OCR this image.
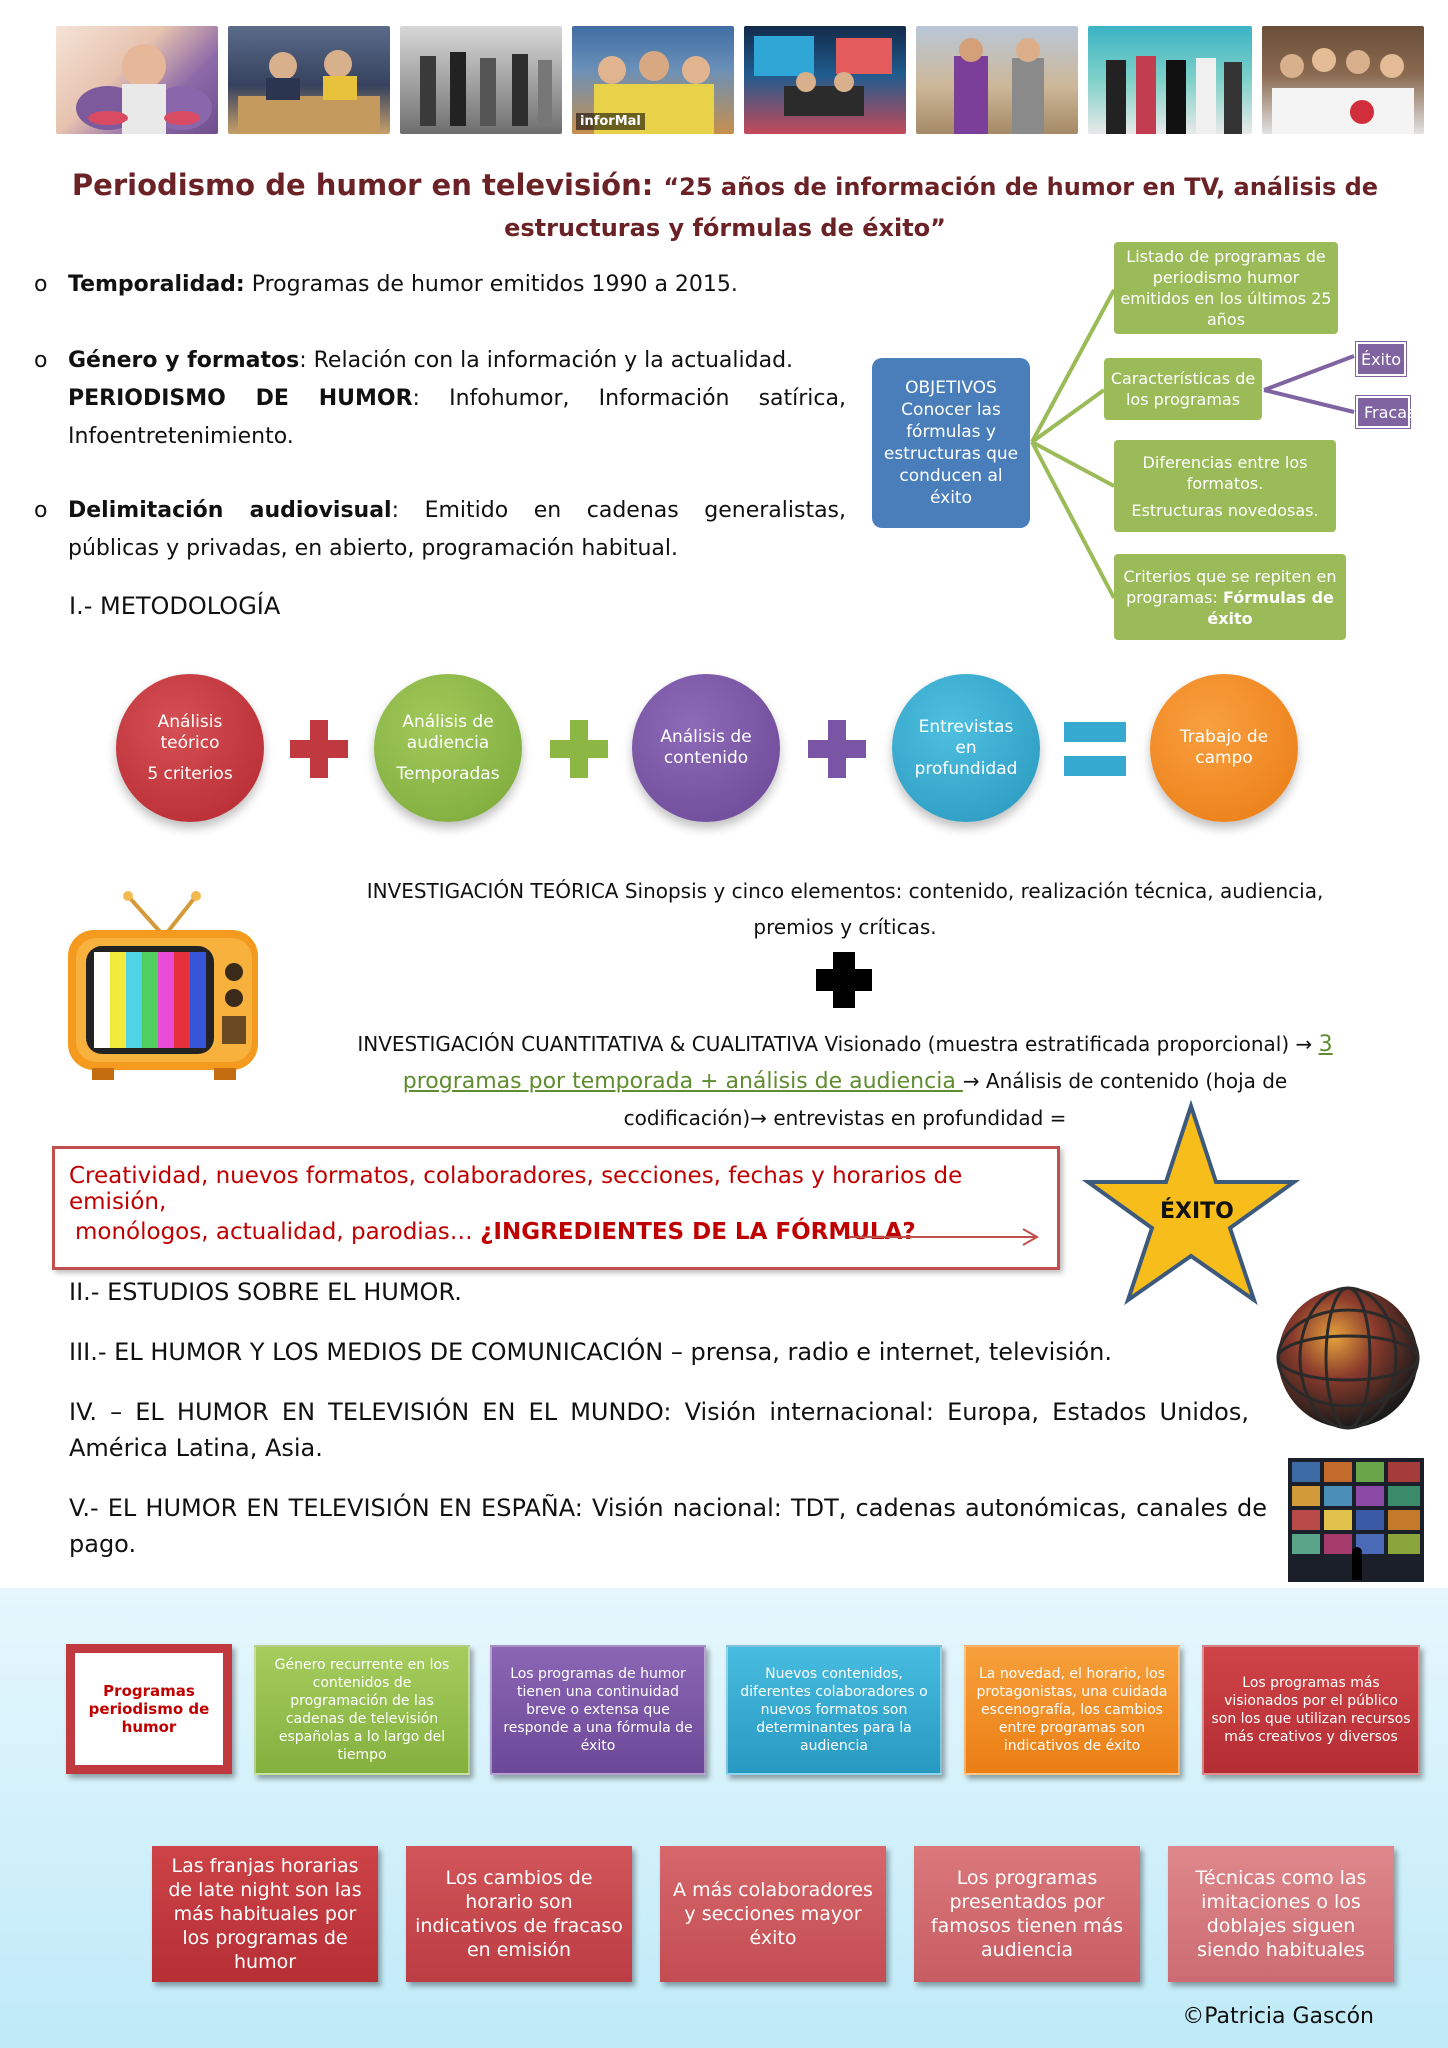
inforMal
Periodismo de humor en televisión: “25 años de información de humor en TV, análisis de estructuras y fórmulas de éxito”
o Temporalidad: Programas de humor emitidos 1990 a 2015.
o Género y formatos: Relación con la información y la actualidad.
PERIODISMO DE HUMOR: Infohumor, Información satírica, Infoentretenimiento.
o Delimitación audiovisual: Emitido en cadenas generalistas, públicas y privadas, en abierto, programación habitual.
I.- METODOLOGÍA
OBJETIVOS Conocer las fórmulas y estructuras que conducen al éxito
Listado de programas de periodismo humor emitidos en los últimos 25 años
Características de los programas
Éxito
Fracas
Diferencias entre los formatos.
Estructuras novedosas.
Criterios que se repiten en programas: Fórmulas de éxito
Análisis teórico
5 criterios
Análisis de audiencia
Temporadas
Análisis de contenido
Entrevistas en profundidad
Trabajo de campo
INVESTIGACIÓN TEÓRICA Sinopsis y cinco elementos: contenido, realización técnica, audiencia, premios y críticas.
INVESTIGACIÓN CUANTITATIVA & CUALITATIVA Visionado (muestra estratificada proporcional) → 3
programas por temporada + análisis de audiencia → Análisis de contenido (hoja de
codificación)→ entrevistas en profundidad =
Creatividad, nuevos formatos, colaboradores, secciones, fechas y horarios de emisión,
monólogos, actualidad, parodias… ¿INGREDIENTES DE LA FÓRMULA?
ÉXITO
II.- ESTUDIOS SOBRE EL HUMOR.
III.- EL HUMOR Y LOS MEDIOS DE COMUNICACIÓN – prensa, radio e internet, televisión.
IV. – EL HUMOR EN TELEVISIÓN EN EL MUNDO: Visión internacional: Europa, Estados Unidos, América Latina, Asia.
V.- EL HUMOR EN TELEVISIÓN EN ESPAÑA: Visión nacional: TDT, cadenas autonómicas, canales de pago.
Programas periodismo de humor
Género recurrente en los contenidos de programación de las cadenas de televisión españolas a lo largo del tiempo
Los programas de humor tienen una continuidad breve o extensa que responde a una fórmula de éxito
Nuevos contenidos, diferentes colaboradores o nuevos formatos son determinantes para la audiencia
La novedad, el horario, los protagonistas, una cuidada escenografía, los cambios entre programas son indicativos de éxito
Los programas más visionados por el público son los que utilizan recursos más creativos y diversos
Las franjas horarias de late night son las más habituales por los programas de humor
Los cambios de horario son indicativos de fracaso en emisión
A más colaboradores y secciones mayor éxito
Los programas presentados por famosos tienen más audiencia
Técnicas como las imitaciones o los doblajes siguen siendo habituales
©Patricia Gascón
